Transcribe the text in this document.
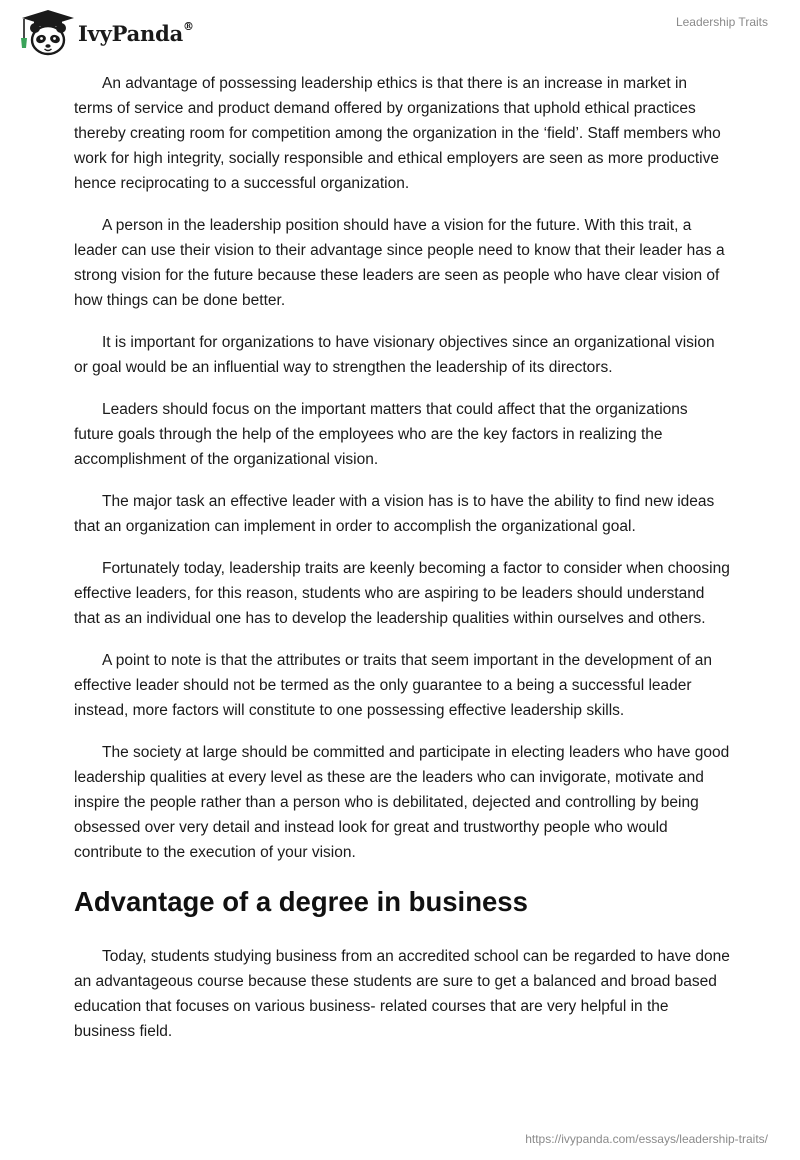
IvyPanda®	Leadership Traits

An advantage of possessing leadership ethics is that there is an increase in market in terms of service and product demand offered by organizations that uphold ethical practices thereby creating room for competition among the organization in the ‘field’. Staff members who work for high integrity, socially responsible and ethical employers are seen as more productive hence reciprocating to a successful organization.

A person in the leadership position should have a vision for the future. With this trait, a leader can use their vision to their advantage since people need to know that their leader has a strong vision for the future because these leaders are seen as people who have clear vision of how things can be done better.

It is important for organizations to have visionary objectives since an organizational vision or goal would be an influential way to strengthen the leadership of its directors.

Leaders should focus on the important matters that could affect that the organizations future goals through the help of the employees who are the key factors in realizing the accomplishment of the organizational vision.

The major task an effective leader with a vision has is to have the ability to find new ideas that an organization can implement in order to accomplish the organizational goal.

Fortunately today, leadership traits are keenly becoming a factor to consider when choosing effective leaders, for this reason, students who are aspiring to be leaders should understand that as an individual one has to develop the leadership qualities within ourselves and others.

A point to note is that the attributes or traits that seem important in the development of an effective leader should not be termed as the only guarantee to a being a successful leader instead, more factors will constitute to one possessing effective leadership skills.

The society at large should be committed and participate in electing leaders who have good leadership qualities at every level as these are the leaders who can invigorate, motivate and inspire the people rather than a person who is debilitated, dejected and controlling by being obsessed over very detail and instead look for great and trustworthy people who would contribute to the execution of your vision.

Advantage of a degree in business

Today, students studying business from an accredited school can be regarded to have done an advantageous course because these students are sure to get a balanced and broad based education that focuses on various business- related courses that are very helpful in the business field.

https://ivypanda.com/essays/leadership-traits/
